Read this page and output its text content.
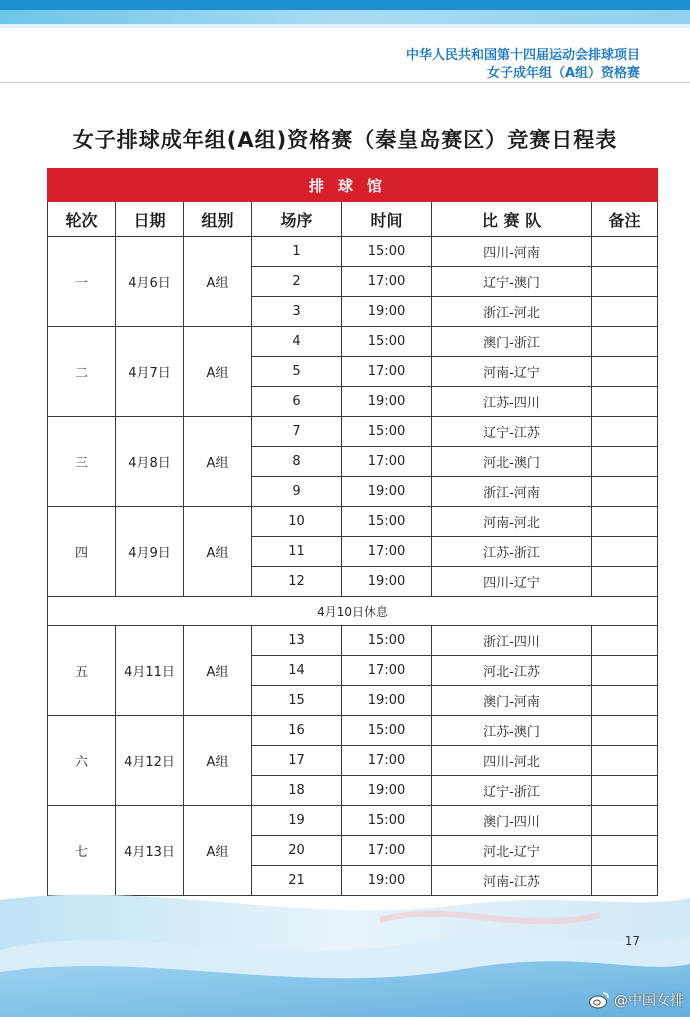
中华人民共和国第十四届运动会排球项目
女子成年组（A组）资格赛
女子排球成年组(A组)资格赛（秦皇岛赛区）竞赛日程表
排球馆						
轮次	日期	组别	场序	时间	比 赛 队	备注
一	4月6日	A组	1	15:00	四川-河南	
			2	17:00	辽宁-澳门	
			3	19:00	浙江-河北	
二	4月7日	A组	4	15:00	澳门-浙江	
			5	17:00	河南-辽宁	
			6	19:00	江苏-四川	
三	4月8日	A组	7	15:00	辽宁-江苏	
			8	17:00	河北-澳门	
			9	19:00	浙江-河南	
四	4月9日	A组	10	15:00	河南-河北	
			11	17:00	江苏-浙江	
			12	19:00	四川-辽宁	
4月10日休息						
五	4月11日	A组	13	15:00	浙江-四川	
			14	17:00	河北-江苏	
			15	19:00	澳门-河南	
六	4月12日	A组	16	15:00	江苏-澳门	
			17	17:00	四川-河北	
			18	19:00	辽宁-浙江	
七	4月13日	A组	19	15:00	澳门-四川	
			20	17:00	河北-辽宁	
			21	19:00	河南-江苏	
17
@中国女排
